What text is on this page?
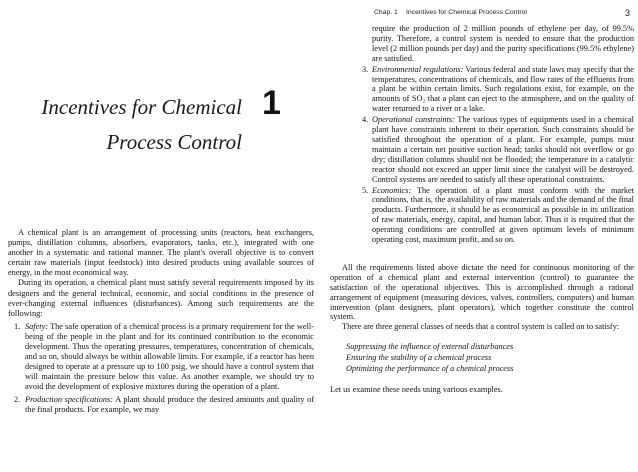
Incentives for Chemical
Process Control
1

A chemical plant is an arrangement of processing units (reactors, heat exchangers, pumps, distillation columns, absorbers, evaporators, tanks, etc.), integrated with one another in a systematic and rational manner. The plant's overall objective is to convert certain raw materials (input feedstock) into desired products using available sources of energy, in the most economical way.

During its operation, a chemical plant must satisfy several requirements imposed by its designers and the general technical, economic, and social conditions in the presence of ever-changing external influences (disturbances). Among such requirements are the following:

1. Safety: The safe operation of a chemical process is a primary requirement for the well-being of the people in the plant and for its continued contribution to the economic development. Thus the operating pressures, temperatures, concentration of chemicals, and so on, should always be within allowable limits. For example, if a reactor has been designed to operate at a pressure up to 100 psig, we should have a control system that will maintain the pressure below this value. As another example, we should try to avoid the development of explosive mixtures during the operation of a plant.
2. Production specifications: A plant should produce the desired amounts and quality of the final products. For example, we may
Chap. 1 Incentives for Chemical Process Control	3
require the production of 2 million pounds of ethylene per day, of 99.5% purity. Therefore, a control system is needed to ensure that the production level (2 million pounds per day) and the purity specifications (99.5% ethylene) are satisfied.
3. Environmental regulations: Various federal and state laws may specify that the temperatures, concentrations of chemicals, and flow rates of the effluents from a plant be within certain limits. Such regulations exist, for example, on the amounts of SO₂ that a plant can eject to the atmosphere, and on the quality of water returned to a river or a lake.
4. Operational constraints: The various types of equipments used in a chemical plant have constraints inherent to their operation. Such constraints should be satisfied throughout the operation of a plant. For example, pumps must maintain a certain net positive suction head; tanks should not overflow or go dry; distillation columns should not be flooded; the temperature in a catalytic reactor should not exceed an upper limit since the catalyst will be destroyed. Control systems are needed to satisfy all these operational constraints.
5. Economics: The operation of a plant must conform with the market conditions, that is, the availability of raw materials and the demand of the final products. Furthermore, it should be as economical as possible in its utilization of raw materials, energy, capital, and human labor. Thus it is required that the operating conditions are controlled at given optimum levels of minimum operating cost, maximum profit, and so on.

All the requirements listed above dictate the need for continuous monitoring of the operation of a chemical plant and external intervention (control) to guarantee the satisfaction of the operational objectives. This is accomplished through a rational arrangement of equipment (measuring devices, valves, controllers, computers) and human intervention (plant designers, plant operators), which together constitute the control system.

There are three general classes of needs that a control system is called on to satisfy:

Suppressing the influence of external disturbances
Ensuring the stability of a chemical process
Optimizing the performance of a chemical process

Let us examine these needs using various examples.
